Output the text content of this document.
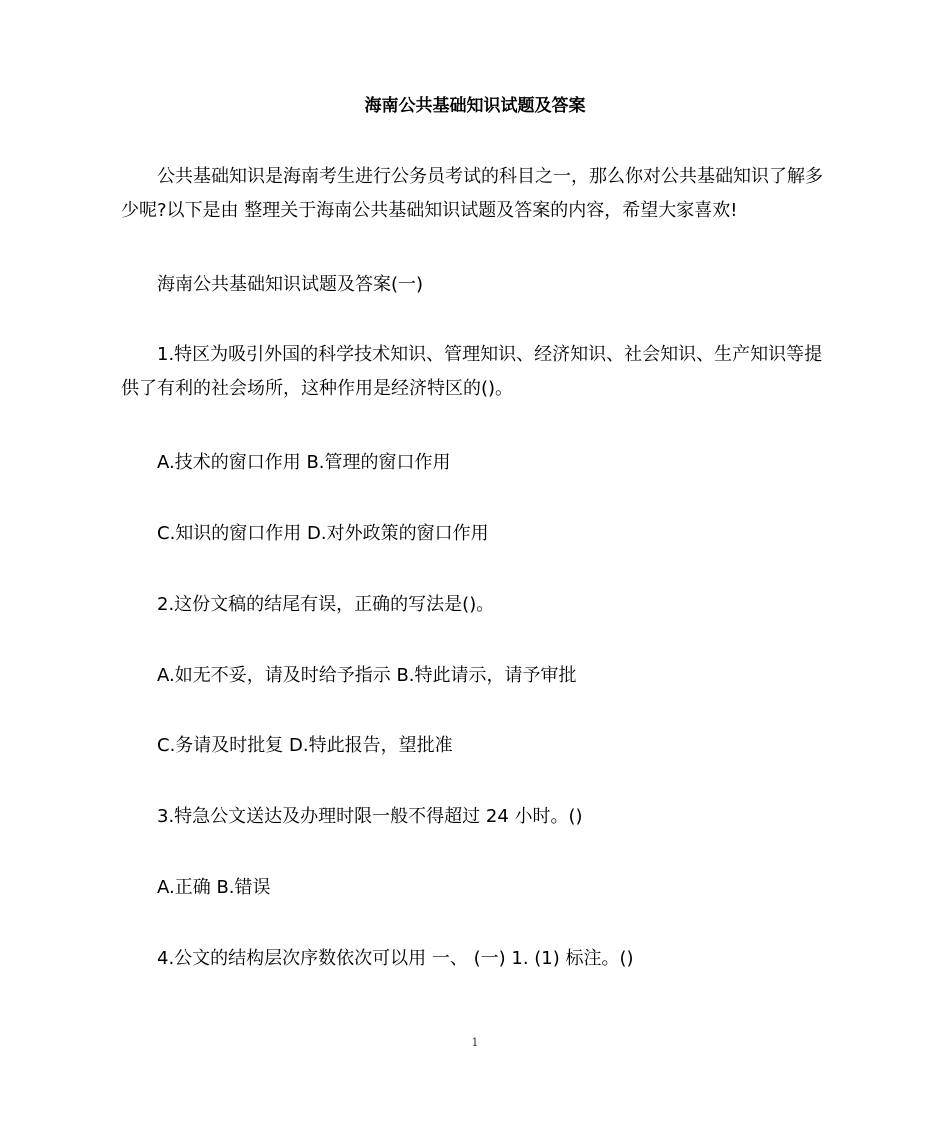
海南公共基础知识试题及答案
公共基础知识是海南考生进行公务员考试的科目之一，那么你对公共基础知识了解多少呢?以下是由 整理关于海南公共基础知识试题及答案的内容，希望大家喜欢!
海南公共基础知识试题及答案(一)
1.特区为吸引外国的科学技术知识、管理知识、经济知识、社会知识、生产知识等提供了有利的社会场所，这种作用是经济特区的()。
A.技术的窗口作用 B.管理的窗口作用
C.知识的窗口作用 D.对外政策的窗口作用
2.这份文稿的结尾有误，正确的写法是()。
A.如无不妥，请及时给予指示 B.特此请示，请予审批
C.务请及时批复 D.特此报告，望批准
3.特急公文送达及办理时限一般不得超过 24 小时。()
A.正确 B.错误
4.公文的结构层次序数依次可以用 一、 (一) 1. (1) 标注。()
1
